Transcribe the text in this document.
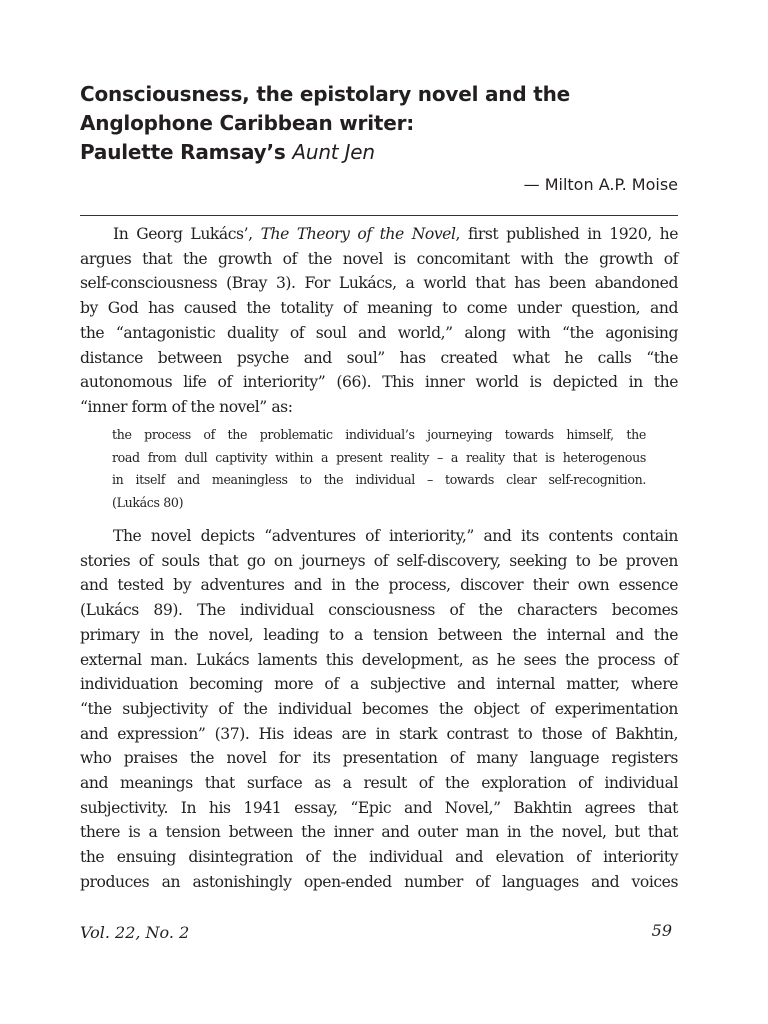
Consciousness, the epistolary novel and the
Anglophone Caribbean writer:
Paulette Ramsay’s Aunt Jen
— Milton A.P. Moise
In Georg Lukács’, The Theory of the Novel, first published in 1920, he
argues that the growth of the novel is concomitant with the growth of
self-consciousness (Bray 3). For Lukács, a world that has been abandoned
by God has caused the totality of meaning to come under question, and
the “antagonistic duality of soul and world,” along with “the agonising
distance between psyche and soul” has created what he calls “the
autonomous life of interiority” (66). This inner world is depicted in the
“inner form of the novel” as:
the process of the problematic individual’s journeying towards himself, the
road from dull captivity within a present reality – a reality that is heterogenous
in itself and meaningless to the individual – towards clear self-recognition.
(Lukács 80)
The novel depicts “adventures of interiority,” and its contents contain
stories of souls that go on journeys of self-discovery, seeking to be proven
and tested by adventures and in the process, discover their own essence
(Lukács 89). The individual consciousness of the characters becomes
primary in the novel, leading to a tension between the internal and the
external man. Lukács laments this development, as he sees the process of
individuation becoming more of a subjective and internal matter, where
“the subjectivity of the individual becomes the object of experimentation
and expression” (37). His ideas are in stark contrast to those of Bakhtin,
who praises the novel for its presentation of many language registers
and meanings that surface as a result of the exploration of individual
subjectivity. In his 1941 essay, “Epic and Novel,” Bakhtin agrees that
there is a tension between the inner and outer man in the novel, but that
the ensuing disintegration of the individual and elevation of interiority
produces an astonishingly open-ended number of languages and voices
Vol. 22, No. 2	59
